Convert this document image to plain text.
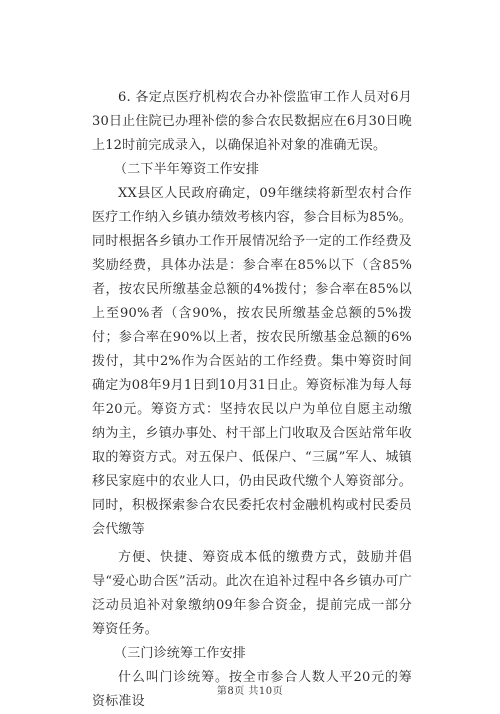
6. 各定点医疗机构农合办补偿监审工作人员对6月30日止住院已办理补偿的参合农民数据应在6月30日晚上12时前完成录入，以确保追补对象的准确无误。

（二下半年筹资工作安排

XX县区人民政府确定，09年继续将新型农村合作医疗工作纳入乡镇办绩效考核内容，参合目标为85%。同时根据各乡镇办工作开展情况给予一定的工作经费及奖励经费，具体办法是：参合率在85%以下（含85%者，按农民所缴基金总额的4%拨付；参合率在85%以上至90%者（含90%，按农民所缴基金总额的5%拨付；参合率在90%以上者，按农民所缴基金总额的6%拨付，其中2%作为合医站的工作经费。集中筹资时间确定为08年9月1日到10月31日止。筹资标准为每人每年20元。筹资方式：坚持农民以户为单位自愿主动缴纳为主，乡镇办事处、村干部上门收取及合医站常年收取的筹资方式。对五保户、低保户、“三属”军人、城镇移民家庭中的农业人口，仍由民政代缴个人筹资部分。同时，积极探索参合农民委托农村金融机构或村民委员会代缴等

方便、快捷、筹资成本低的缴费方式，鼓励并倡导“爱心助合医”活动。此次在追补过程中各乡镇办可广泛动员追补对象缴纳09年参合资金，提前完成一部分筹资任务。

（三门诊统筹工作安排

什么叫门诊统筹。按全市参合人数人平20元的筹资标准设

第8页 共10页
